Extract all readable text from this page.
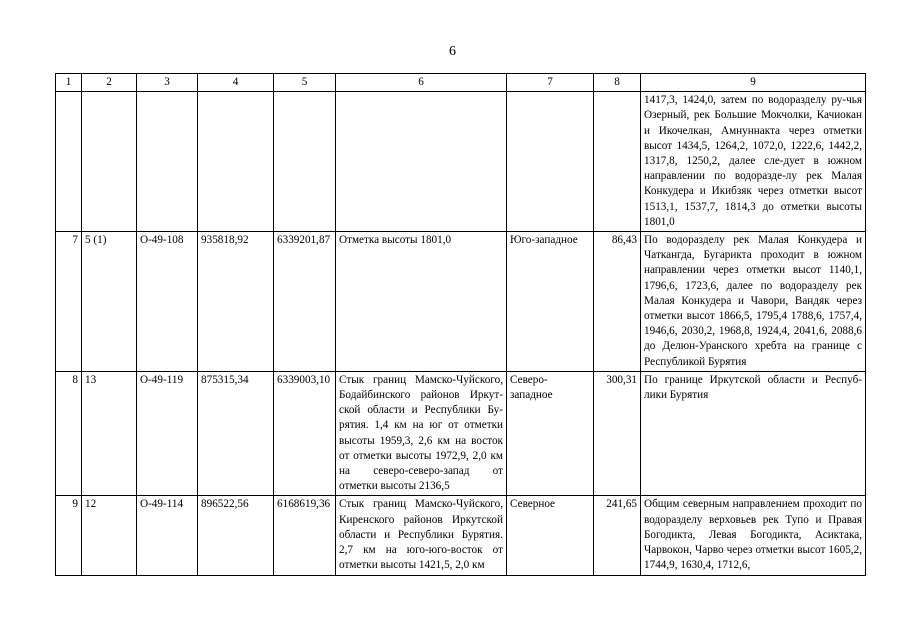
6
1	2	3	4	5	6	7	8	9
								1417,3, 1424,0, затем по водоразделу ру-чья Озерный, рек Большие Мокчолки, Качиокан и Икочелкан, Амнуннакта через отметки высот 1434,5, 1264,2, 1072,0, 1222,6, 1442,2, 1317,8, 1250,2, далее сле-дует в южном направлении по водоразде-лу рек Малая Конкудера и Икибзяк через отметки высот 1513,1, 1537,7, 1814,3 до отметки высоты 1801,0
7	5 (1)	О-49-108	935818,92	6339201,87	Отметка высоты 1801,0	Юго-западное	86,43	По водоразделу рек Малая Конкудера и Чаткангда, Бугарикта проходит в южном направлении через отметки высот 1140,1, 1796,6, 1723,6, далее по водоразделу рек Малая Конкудера и Чавори, Вандяк через отметки высот 1866,5, 1795,4 1788,6, 1757,4, 1946,6, 2030,2, 1968,8, 1924,4, 2041,6, 2088,6 до Делюн-Уранского хребта на границе с Республикой Бурятия
8	13	О-49-119	875315,34	6339003,10	Стык границ Мамско-Чуйского, Бодайбинского районов Иркут-ской области и Республики Бу-рятия. 1,4 км на юг от отметки высоты 1959,3, 2,6 км на восток от отметки высоты 1972,9, 2,0 км на северо-северо-запад от отметки высоты 2136,5	Северо-западное	300,31	По границе Иркутской области и Респуб-лики Бурятия
9	12	О-49-114	896522,56	6168619,36	Стык границ Мамско-Чуйского, Киренского районов Иркутской области и Республики Бурятия. 2,7 км на юго-юго-восток от отметки высоты 1421,5, 2,0 км	Северное	241,65	Общим северным направлением проходит по водоразделу верховьев рек Тупо и Правая Богодикта, Левая Богодикта, Асиктака, Чарвокон, Чарво через отметки высот 1605,2, 1744,9, 1630,4, 1712,6,
